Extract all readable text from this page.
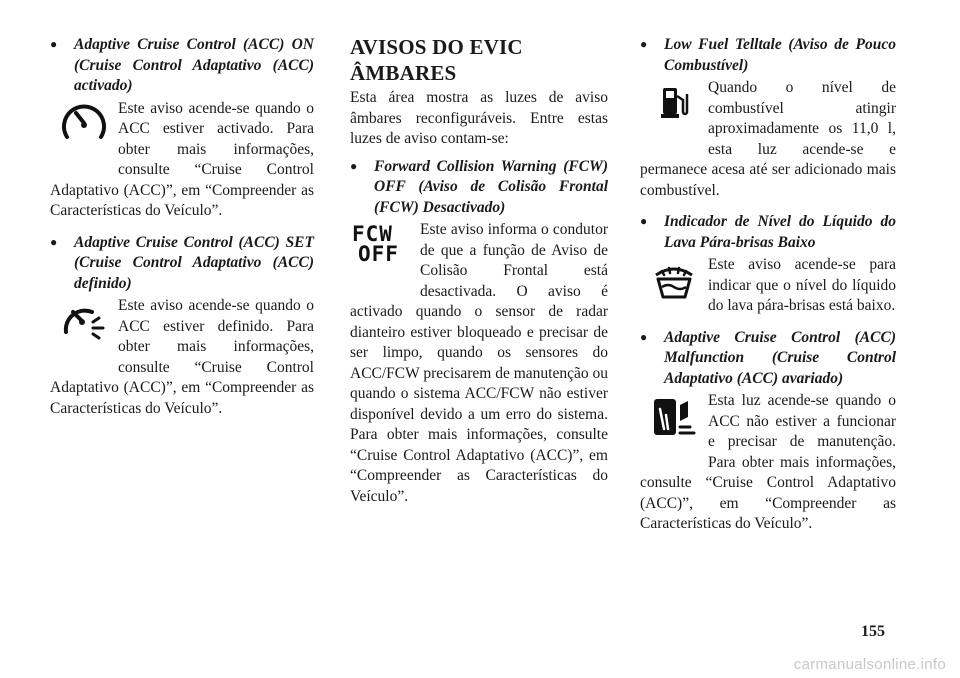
● Adaptive Cruise Control (ACC) ON (Cruise Control Adaptativo (ACC) activado)

Este aviso acende-se quando o ACC estiver activado. Para obter mais informações, consulte “Cruise Control Adaptativo (ACC)”, em “Compreender as Características do Veículo”.

● Adaptive Cruise Control (ACC) SET (Cruise Control Adaptativo (ACC) definido)

Este aviso acende-se quando o ACC estiver definido. Para obter mais informações, consulte “Cruise Control Adaptativo (ACC)”, em “Compreender as Características do Veículo”.

AVISOS DO EVIC ÂMBARES

Esta área mostra as luzes de aviso âmbares reconfiguráveis. Entre estas luzes de aviso contam-se:

● Forward Collision Warning (FCW) OFF (Aviso de Colisão Frontal (FCW) Desactivado)

FCW
OFF

Este aviso informa o condutor de que a função de Aviso de Colisão Frontal está desactivada. O aviso é activado quando o sensor de radar dianteiro estiver bloqueado e precisar de ser limpo, quando os sensores do ACC/FCW precisarem de manutenção ou quando o sistema ACC/FCW não estiver disponível devido a um erro do sistema. Para obter mais informações, consulte “Cruise Control Adaptativo (ACC)”, em “Compreender as Características do Veículo”.

● Low Fuel Telltale (Aviso de Pouco Combustível)

Quando o nível de combustível atingir aproximadamente os 11,0 l, esta luz acende-se e permanece acesa até ser adicionado mais combustível.

● Indicador de Nível do Líquido do Lava Pára-brisas Baixo

Este aviso acende-se para indicar que o nível do líquido do lava pára-brisas está baixo.

● Adaptive Cruise Control (ACC) Malfunction (Cruise Control Adaptativo (ACC) avariado)

Esta luz acende-se quando o ACC não estiver a funcionar e precisar de manutenção. Para obter mais informações, consulte “Cruise Control Adaptativo (ACC)”, em “Compreender as Características do Veículo”.

155
carmanualsonline.info
